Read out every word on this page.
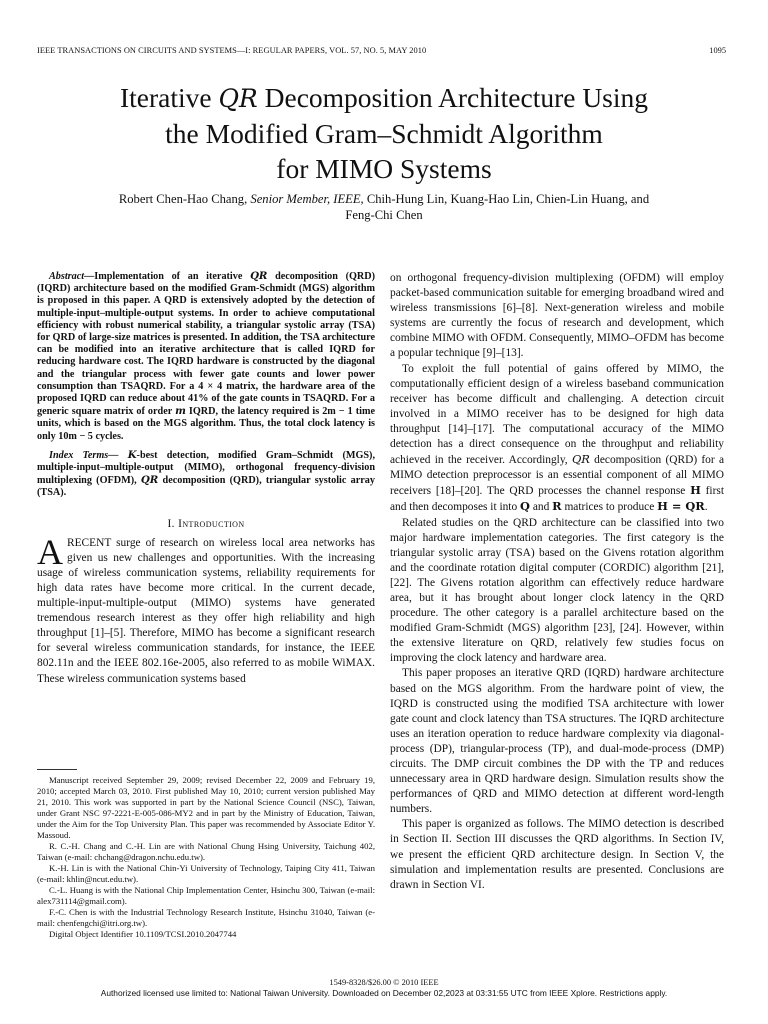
IEEE TRANSACTIONS ON CIRCUITS AND SYSTEMS—I: REGULAR PAPERS, VOL. 57, NO. 5, MAY 2010	1095
Iterative QR Decomposition Architecture Using
the Modified Gram–Schmidt Algorithm
for MIMO Systems
Robert Chen-Hao Chang, Senior Member, IEEE, Chih-Hung Lin, Kuang-Hao Lin, Chien-Lin Huang, and
Feng-Chi Chen
Abstract—Implementation of an iterative QR decomposition (QRD) (IQRD) architecture based on the modified Gram-Schmidt (MGS) algorithm is proposed in this paper. A QRD is extensively adopted by the detection of multiple-input–multiple-output systems. In order to achieve computational efficiency with robust numerical stability, a triangular systolic array (TSA) for QRD of large-size matrices is presented. In addition, the TSA architecture can be modified into an iterative architecture that is called IQRD for reducing hardware cost. The IQRD hardware is constructed by the diagonal and the triangular process with fewer gate counts and lower power consumption than TSAQRD. For a 4 × 4 matrix, the hardware area of the proposed IQRD can reduce about 41% of the gate counts in TSAQRD. For a generic square matrix of order m IQRD, the latency required is 2m − 1 time units, which is based on the MGS algorithm. Thus, the total clock latency is only 10m − 5 cycles.
Index Terms— K-best detection, modified Gram–Schmidt (MGS), multiple-input–multiple-output (MIMO), orthogonal frequency-division multiplexing (OFDM), QR decomposition (QRD), triangular systolic array (TSA).
I. Introduction
ARECENT surge of research on wireless local area networks has given us new challenges and opportunities. With the increasing usage of wireless communication systems, reliability requirements for high data rates have become more critical. In the current decade, multiple-input-multiple-output (MIMO) systems have generated tremendous research interest as they offer high reliability and high throughput [1]–[5]. Therefore, MIMO has become a significant research for several wireless communication standards, for instance, the IEEE 802.11n and the IEEE 802.16e-2005, also referred to as mobile WiMAX. These wireless communication systems based

Manuscript received September 29, 2009; revised December 22, 2009 and February 19, 2010; accepted March 03, 2010. First published May 10, 2010; current version published May 21, 2010. This work was supported in part by the National Science Council (NSC), Taiwan, under Grant NSC 97-2221-E-005-086-MY2 and in part by the Ministry of Education, Taiwan, under the Aim for the Top University Plan. This paper was recommended by Associate Editor Y. Massoud.

R. C.-H. Chang and C.-H. Lin are with National Chung Hsing University, Taichung 402, Taiwan (e-mail: chchang@dragon.nchu.edu.tw).

K.-H. Lin is with the National Chin-Yi University of Technology, Taiping City 411, Taiwan (e-mail: khlin@ncut.edu.tw).

C.-L. Huang is with the National Chip Implementation Center, Hsinchu 300, Taiwan (e-mail: alex731114@gmail.com).

F.-C. Chen is with the Industrial Technology Research Institute, Hsinchu 31040, Taiwan (e-mail: chenfengchi@itri.org.tw).

Digital Object Identifier 10.1109/TCSI.2010.2047744

on orthogonal frequency-division multiplexing (OFDM) will employ packet-based communication suitable for emerging broadband wired and wireless transmissions [6]–[8]. Next-generation wireless and mobile systems are currently the focus of research and development, which combine MIMO with OFDM. Consequently, MIMO–OFDM has become a popular technique [9]–[13].

To exploit the full potential of gains offered by MIMO, the computationally efficient design of a wireless baseband communication receiver has become difficult and challenging. A detection circuit involved in a MIMO receiver has to be designed for high data throughput [14]–[17]. The computational accuracy of the MIMO detection has a direct consequence on the throughput and reliability achieved in the receiver. Accordingly, QR decomposition (QRD) for a MIMO detection preprocessor is an essential component of all MIMO receivers [18]–[20]. The QRD processes the channel response H first and then decomposes it into Q and R matrices to produce H = QR.

Related studies on the QRD architecture can be classified into two major hardware implementation categories. The first category is the triangular systolic array (TSA) based on the Givens rotation algorithm and the coordinate rotation digital computer (CORDIC) algorithm [21], [22]. The Givens rotation algorithm can effectively reduce hardware area, but it has brought about longer clock latency in the QRD procedure. The other category is a parallel architecture based on the modified Gram-Schmidt (MGS) algorithm [23], [24]. However, within the extensive literature on QRD, relatively few studies focus on improving the clock latency and hardware area.

This paper proposes an iterative QRD (IQRD) hardware architecture based on the MGS algorithm. From the hardware point of view, the IQRD is constructed using the modified TSA architecture with lower gate count and clock latency than TSA structures. The IQRD architecture uses an iteration operation to reduce hardware complexity via diagonal-process (DP), triangular-process (TP), and dual-mode-process (DMP) circuits. The DMP circuit combines the DP with the TP and reduces unnecessary area in QRD hardware design. Simulation results show the performances of QRD and MIMO detection at different word-length numbers.

This paper is organized as follows. The MIMO detection is described in Section II. Section III discusses the QRD algorithms. In Section IV, we present the efficient QRD architecture design. In Section V, the simulation and implementation results are presented. Conclusions are drawn in Section VI.

1549-8328/$26.00 © 2010 IEEE
Authorized licensed use limited to: National Taiwan University. Downloaded on December 02,2023 at 03:31:55 UTC from IEEE Xplore. Restrictions apply.
